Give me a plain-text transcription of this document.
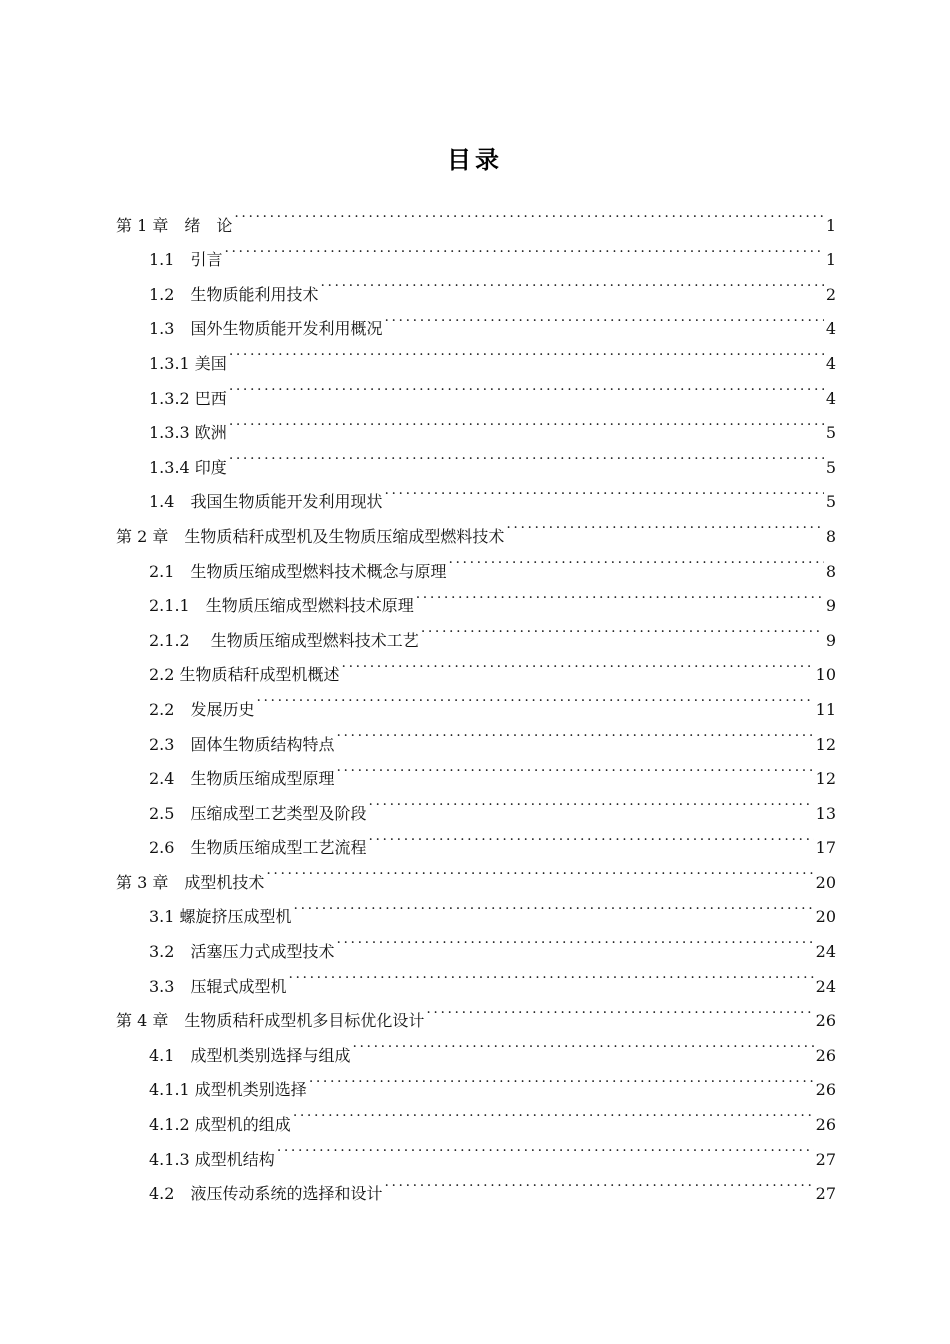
目录
第 1 章　绪　论 .....	1
1.1　引言 .....	1
1.2　生物质能利用技术 .....	2
1.3　国外生物质能开发利用概况 .....	4
1.3.1 美国 .....	4
1.3.2 巴西 .....	4
1.3.3 欧洲 .....	5
1.3.4 印度 .....	5
1.4　我国生物质能开发利用现状 .....	5
第 2 章　生物质秸秆成型机及生物质压缩成型燃料技术 .....	8
2.1　生物质压缩成型燃料技术概念与原理 .....	8
2.1.1　生物质压缩成型燃料技术原理 .....	9
2.1.2　 生物质压缩成型燃料技术工艺 .....	9
2.2 生物质秸秆成型机概述 .....	10
2.2　发展历史 .....	11
2.3　固体生物质结构特点 .....	12
2.4　生物质压缩成型原理 .....	12
2.5　压缩成型工艺类型及阶段 .....	13
2.6　生物质压缩成型工艺流程 .....	17
第 3 章　成型机技术 .....	20
3.1 螺旋挤压成型机 .....	20
3.2　活塞压力式成型技术 .....	24
3.3　压辊式成型机 .....	24
第 4 章　生物质秸秆成型机多目标优化设计 .....	26
4.1　成型机类别选择与组成 .....	26
4.1.1 成型机类别选择 .....	26
4.1.2 成型机的组成 .....	26
4.1.3 成型机结构 .....	27
4.2　液压传动系统的选择和设计 .....	27
